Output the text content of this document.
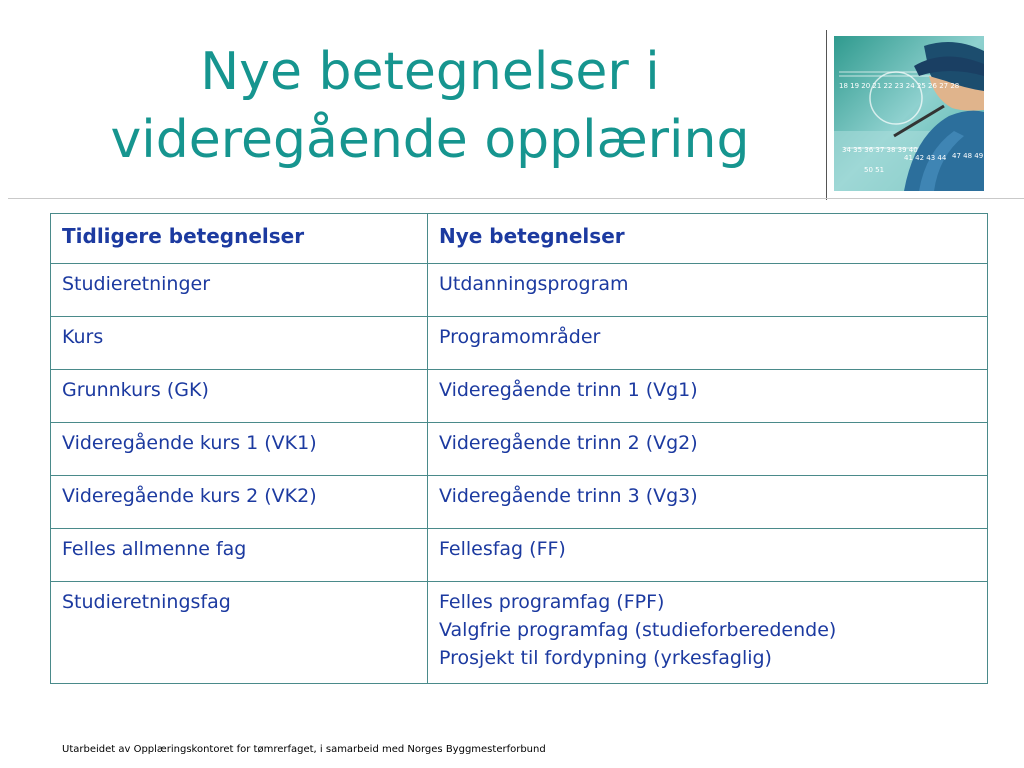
Nye betegnelser i
videregående opplæring
18 19 20 21 22 23 24 25 26 27 28
34 35 36 37 38 39 40
41 42 43 44 47 48 49
50 51
Tidligere betegnelser	Nye betegnelser
Studieretninger	Utdanningsprogram
Kurs	Programområder
Grunnkurs (GK)	Videregående trinn 1 (Vg1)
Videregående kurs 1 (VK1)	Videregående trinn 2 (Vg2)
Videregående kurs 2 (VK2)	Videregående trinn 3 (Vg3)
Felles allmenne fag	Fellesfag (FF)
Studieretningsfag	Felles programfag (FPF)
Valgfrie programfag (studieforberedende)
Prosjekt til fordypning (yrkesfaglig)
Utarbeidet av Opplæringskontoret for tømrerfaget, i samarbeid med Norges Byggmesterforbund
